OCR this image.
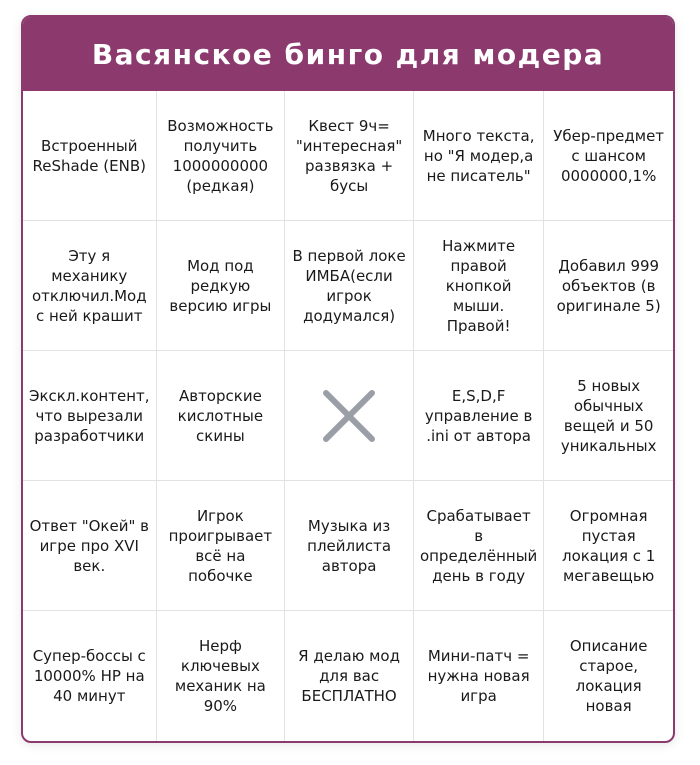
Васянское бинго для модера
Встроенный ReShade (ENB)
Возможность получить 1000000000 (редкая)
Квест 9ч= "интересная" развязка + бусы
Много текста, но "Я модер,а не писатель"
Убер-предмет с шансом 0000000,1%
Эту я механику отключил.Мод с ней крашит
Мод под редкую версию игры
В первой локе ИМБА(если игрок додумался)
Нажмите правой кнопкой мыши. Правой!
Добавил 999 объектов (в оригинале 5)
Экскл.контент, что вырезали разработчики
Авторские кислотные скины
E,S,D,F управление в .ini от автора
5 новых обычных вещей и 50 уникальных
Ответ "Окей" в игре про XVI век.
Игрок проигрывает всё на побочке
Музыка из плейлиста автора
Срабатывает в определённый день в году
Огромная пустая локация с 1 мегавещью
Супер-боссы с 10000% HP на 40 минут
Нерф ключевых механик на 90%
Я делаю мод для вас БЕСПЛАТНО
Мини-патч = нужна новая игра
Описание старое, локация новая
